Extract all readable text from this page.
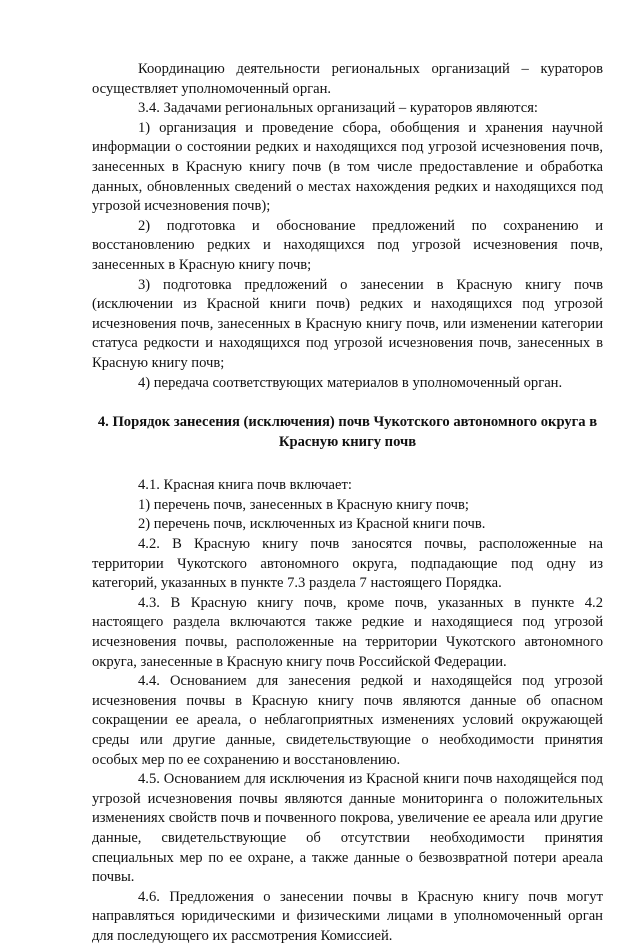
Координацию деятельности региональных организаций – кураторов осуществляет уполномоченный орган.

3.4. Задачами региональных организаций – кураторов являются:

1) организация и проведение сбора, обобщения и хранения научной информации о состоянии редких и находящихся под угрозой исчезновения почв, занесенных в Красную книгу почв (в том числе предоставление и обработка данных, обновленных сведений о местах нахождения редких и находящихся под угрозой исчезновения почв);

2) подготовка и обоснование предложений по сохранению и восстановлению редких и находящихся под угрозой исчезновения почв, занесенных в Красную книгу почв;

3) подготовка предложений о занесении в Красную книгу почв (исключении из Красной книги почв) редких и находящихся под угрозой исчезновения почв, занесенных в Красную книгу почв, или изменении категории статуса редкости и находящихся под угрозой исчезновения почв, занесенных в Красную книгу почв;

4) передача соответствующих материалов в уполномоченный орган.

4. Порядок занесения (исключения) почв Чукотского автономного округа в Красную книгу почв

4.1. Красная книга почв включает:

1) перечень почв, занесенных в Красную книгу почв;

2) перечень почв, исключенных из Красной книги почв.

4.2. В Красную книгу почв заносятся почвы, расположенные на территории Чукотского автономного округа, подпадающие под одну из категорий, указанных в пункте 7.3 раздела 7 настоящего Порядка.

4.3. В Красную книгу почв, кроме почв, указанных в пункте 4.2 настоящего раздела включаются также редкие и находящиеся под угрозой исчезновения почвы, расположенные на территории Чукотского автономного округа, занесенные в Красную книгу почв Российской Федерации.

4.4. Основанием для занесения редкой и находящейся под угрозой исчезновения почвы в Красную книгу почв являются данные об опасном сокращении ее ареала, о неблагоприятных изменениях условий окружающей среды или другие данные, свидетельствующие о необходимости принятия особых мер по ее сохранению и восстановлению.

4.5. Основанием для исключения из Красной книги почв находящейся под угрозой исчезновения почвы являются данные мониторинга о положительных изменениях свойств почв и почвенного покрова, увеличение ее ареала или другие данные, свидетельствующие об отсутствии необходимости принятия специальных мер по ее охране, а также данные о безвозвратной потери ареала почвы.

4.6. Предложения о занесении почвы в Красную книгу почв могут направляться юридическими и физическими лицами в уполномоченный орган для последующего их рассмотрения Комиссией.
